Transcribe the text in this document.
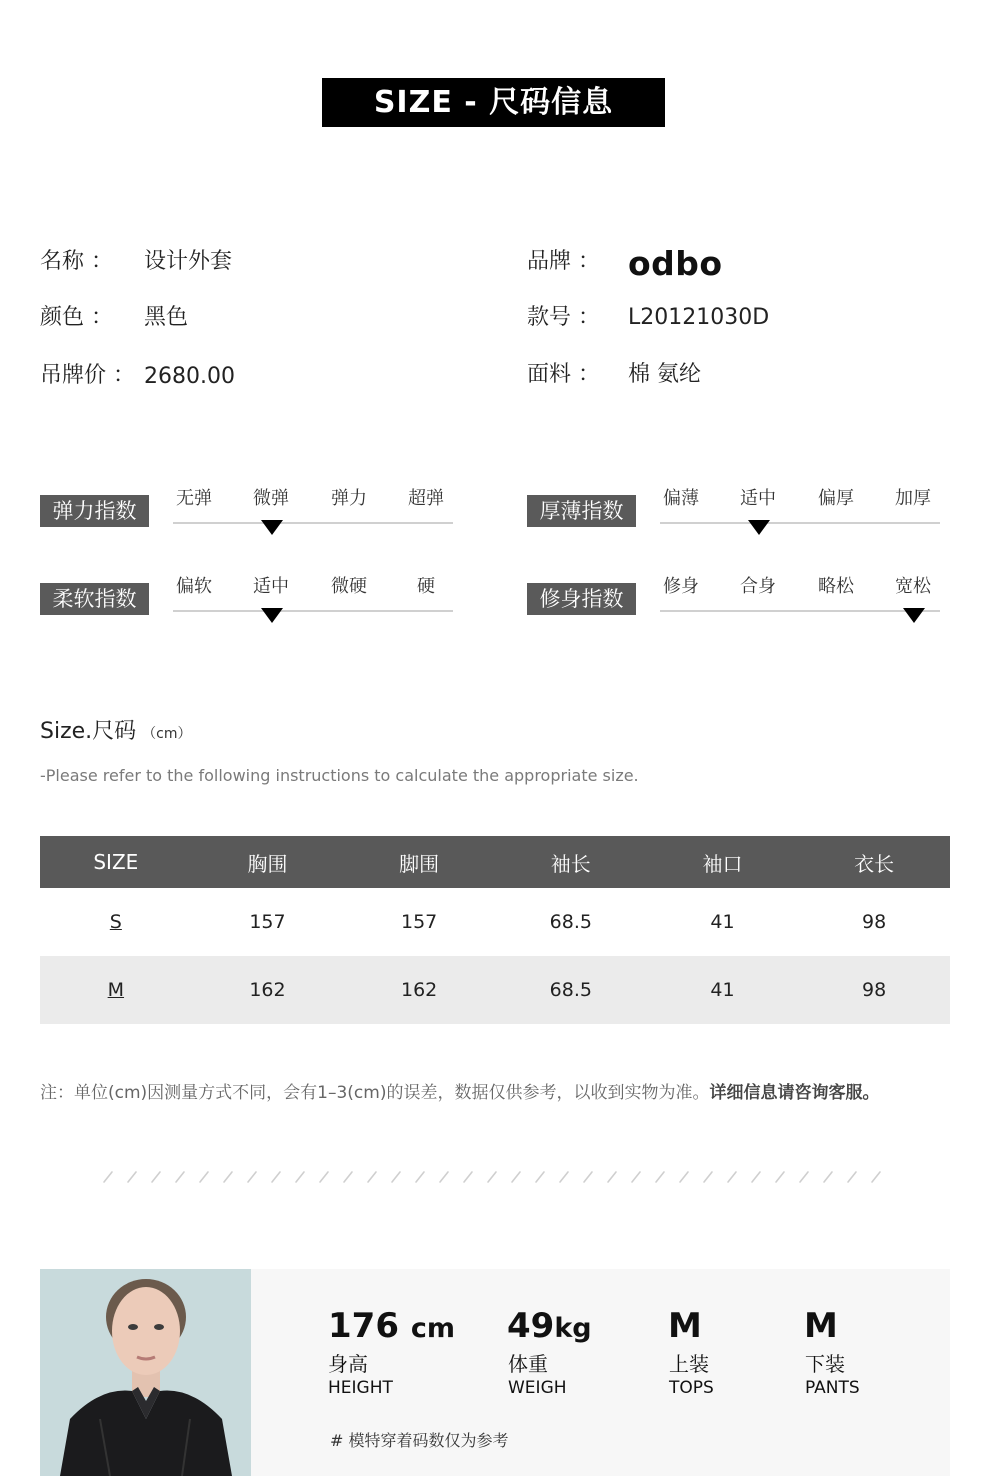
SIZE - 尺码信息
名称 ： 设计外套
颜色 ： 黑色
吊牌价 ： 2680.00
品牌 ： odbo
款号 ： L20121030D
面料 ： 棉 氨纶
弹力指数
无弹 微弹 弹力 超弹
厚薄指数
偏薄 适中 偏厚 加厚
柔软指数
偏软 适中 微硬	硬
修身指数
修身 合身 略松 宽松
Size.尺码 （cm）
-Please refer to the following instructions to calculate the appropriate size.
SIZE	胸围	脚围	袖长	袖口	衣长
S	157	157	68.5	41	98
M	162	162	68.5	41	98
注：单位(cm)因测量方式不同，会有1–3(cm)的误差，数据仅供参考，以收到实物为准。详细信息请咨询客服。
176 cm
身高
HEIGHT
49kg
体重
WEIGH
M
上装
TOPS
M
下装
PANTS
# 模特穿着码数仅为参考
